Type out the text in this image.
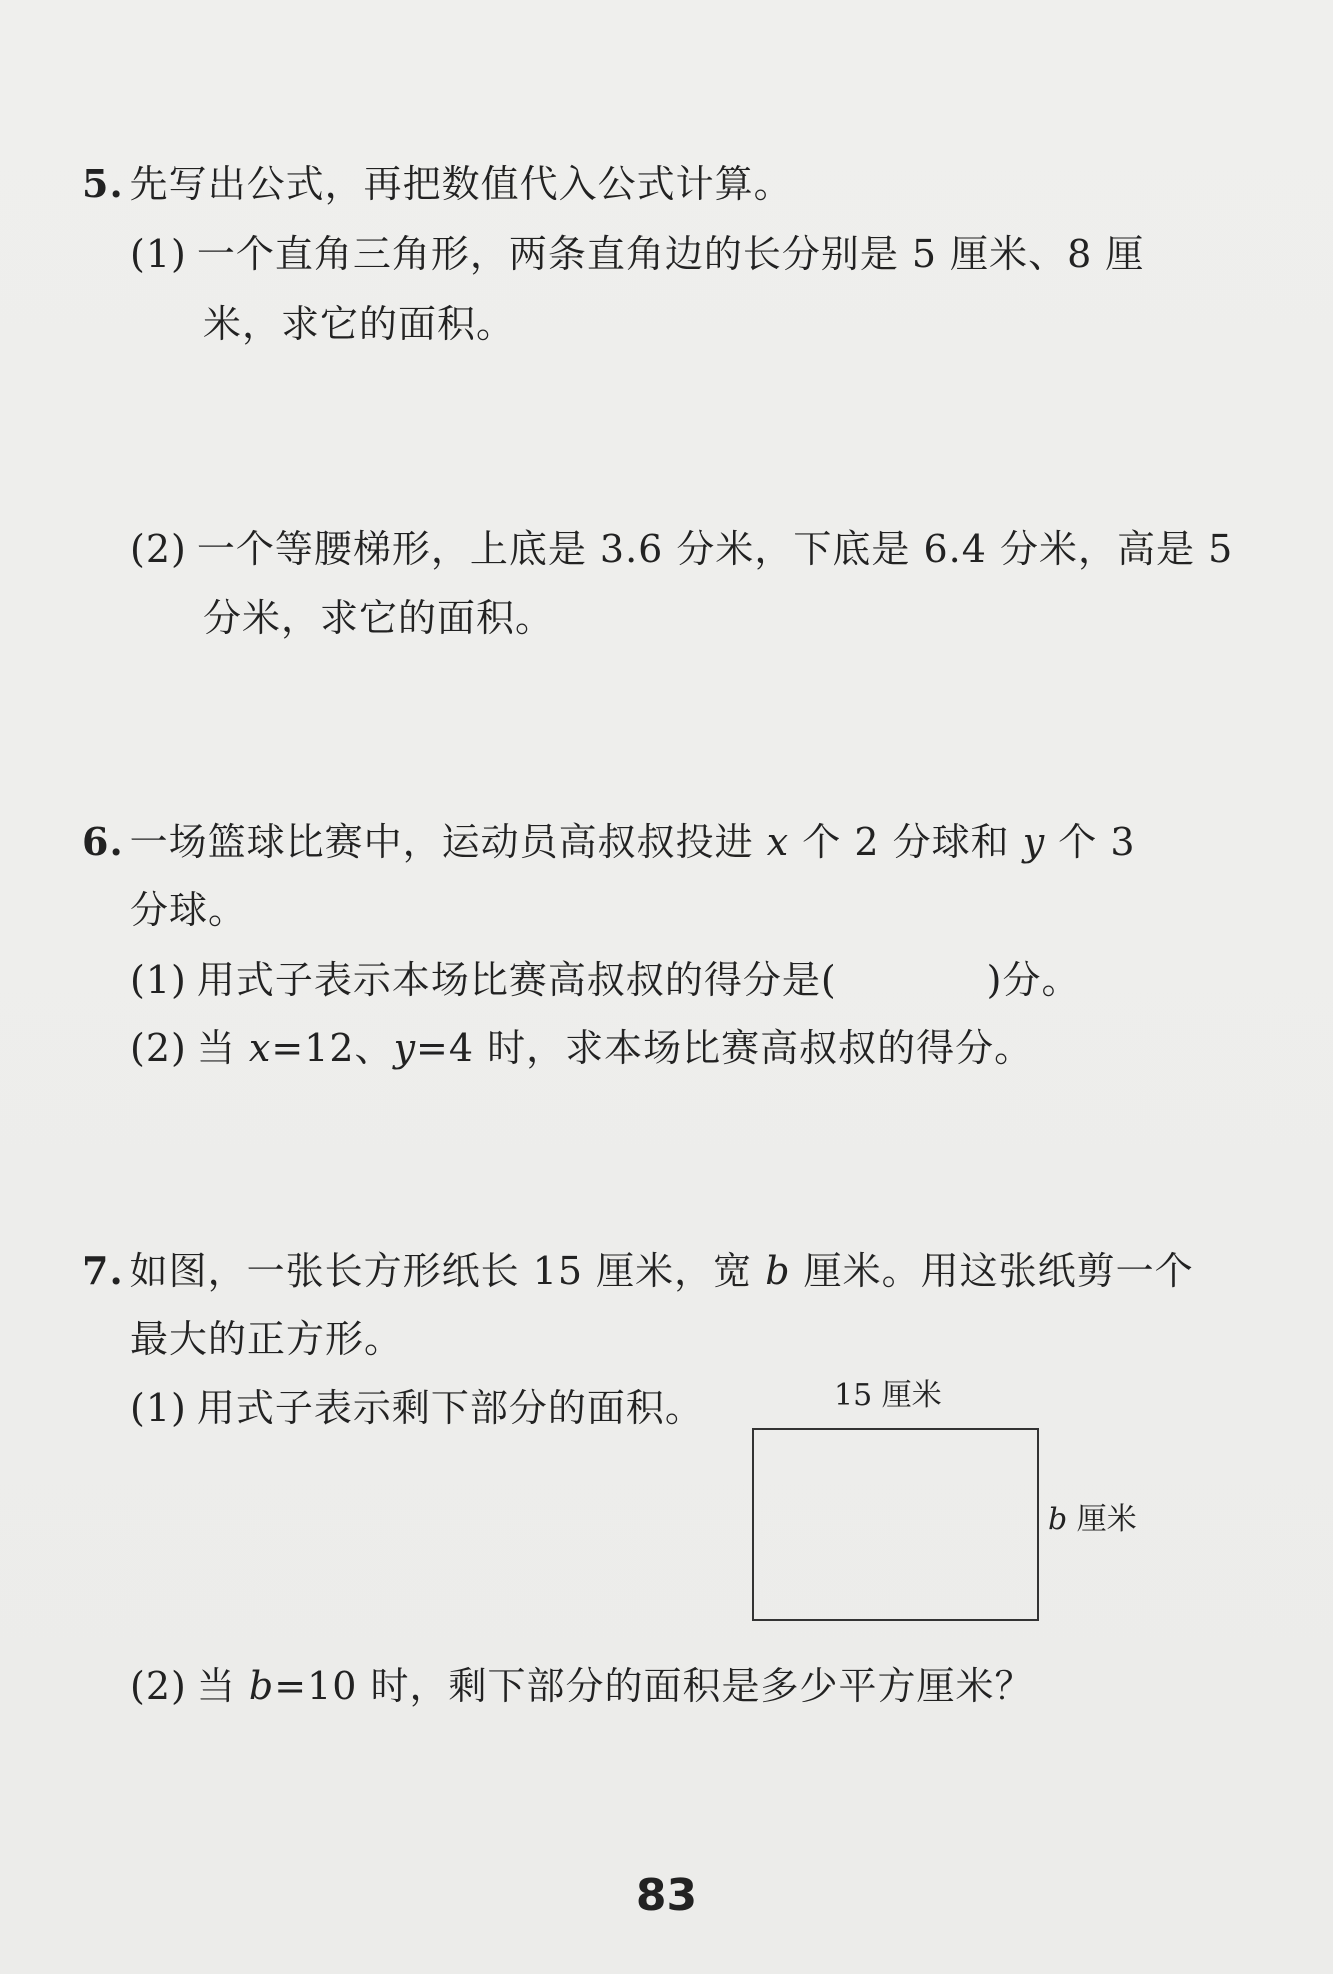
5. 先写出公式，再把数值代入公式计算。
(1) 一个直角三角形，两条直角边的长分别是 5 厘米、8 厘
米，求它的面积。
(2) 一个等腰梯形，上底是 3.6 分米，下底是 6.4 分米，高是 5
分米，求它的面积。
6. 一场篮球比赛中，运动员高叔叔投进 x 个 2 分球和 y 个 3
分球。
(1) 用式子表示本场比赛高叔叔的得分是(	)分。
(2) 当 x=12、y=4 时，求本场比赛高叔叔的得分。
7. 如图，一张长方形纸长 15 厘米，宽 b 厘米。用这张纸剪一个
最大的正方形。
(1) 用式子表示剩下部分的面积。	15 厘米
b 厘米
(2) 当 b=10 时，剩下部分的面积是多少平方厘米？
83
